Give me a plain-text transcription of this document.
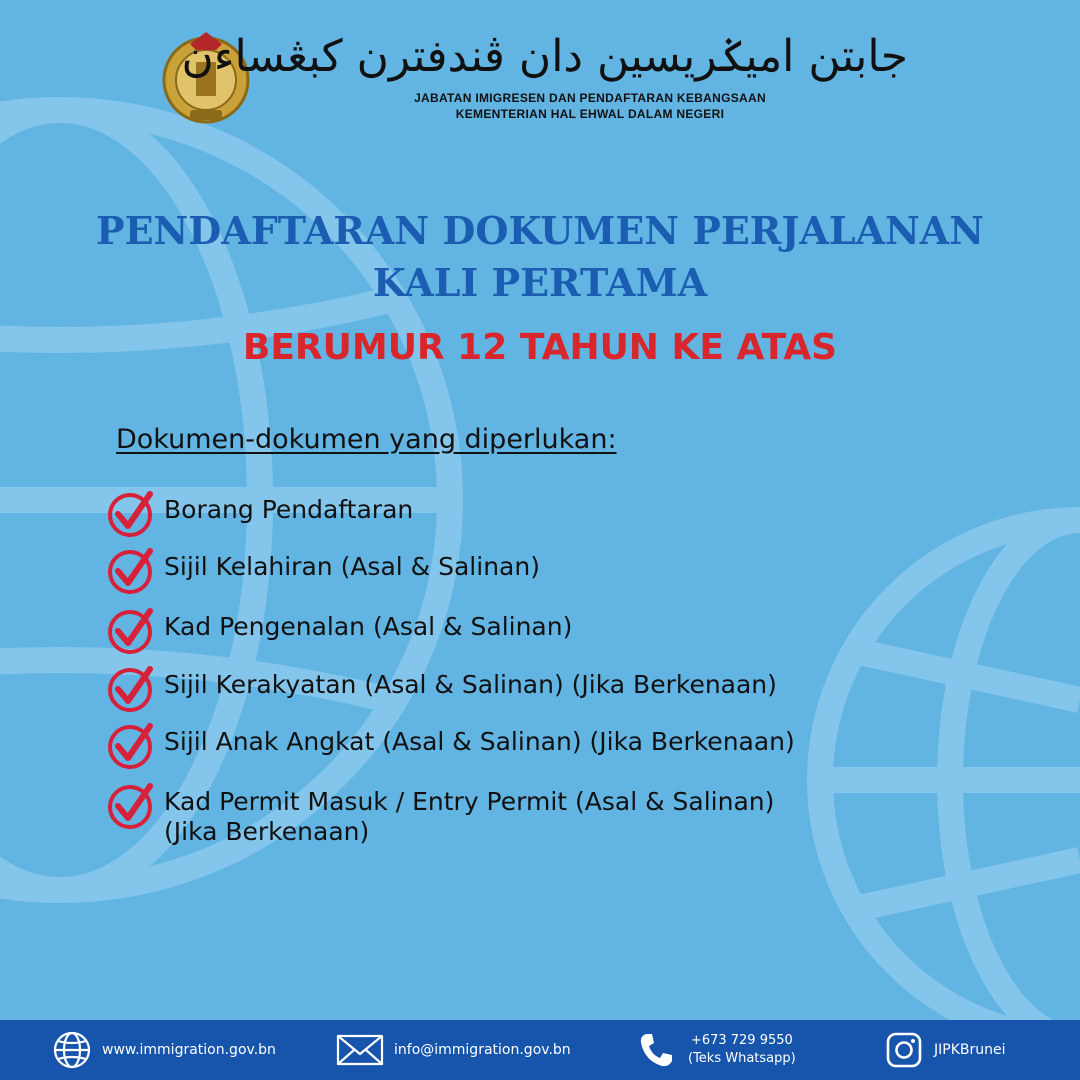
جابتن اميݢريسين دان ڤندفترن كبڠساءن
JABATAN IMIGRESEN DAN PENDAFTARAN KEBANGSAAN
KEMENTERIAN HAL EHWAL DALAM NEGERI
PENDAFTARAN DOKUMEN PERJALANAN
KALI PERTAMA
BERUMUR 12 TAHUN KE ATAS
Dokumen-dokumen yang diperlukan:
Borang Pendaftaran
Sijil Kelahiran (Asal & Salinan)
Kad Pengenalan (Asal & Salinan)
Sijil Kerakyatan (Asal & Salinan) (Jika Berkenaan)
Sijil Anak Angkat (Asal & Salinan) (Jika Berkenaan)
Kad Permit Masuk / Entry Permit (Asal & Salinan)
(Jika Berkenaan)
www.immigration.gov.bn	info@immigration.gov.bn
+673 729 9550
(Teks Whatsapp)
JIPKBrunei
